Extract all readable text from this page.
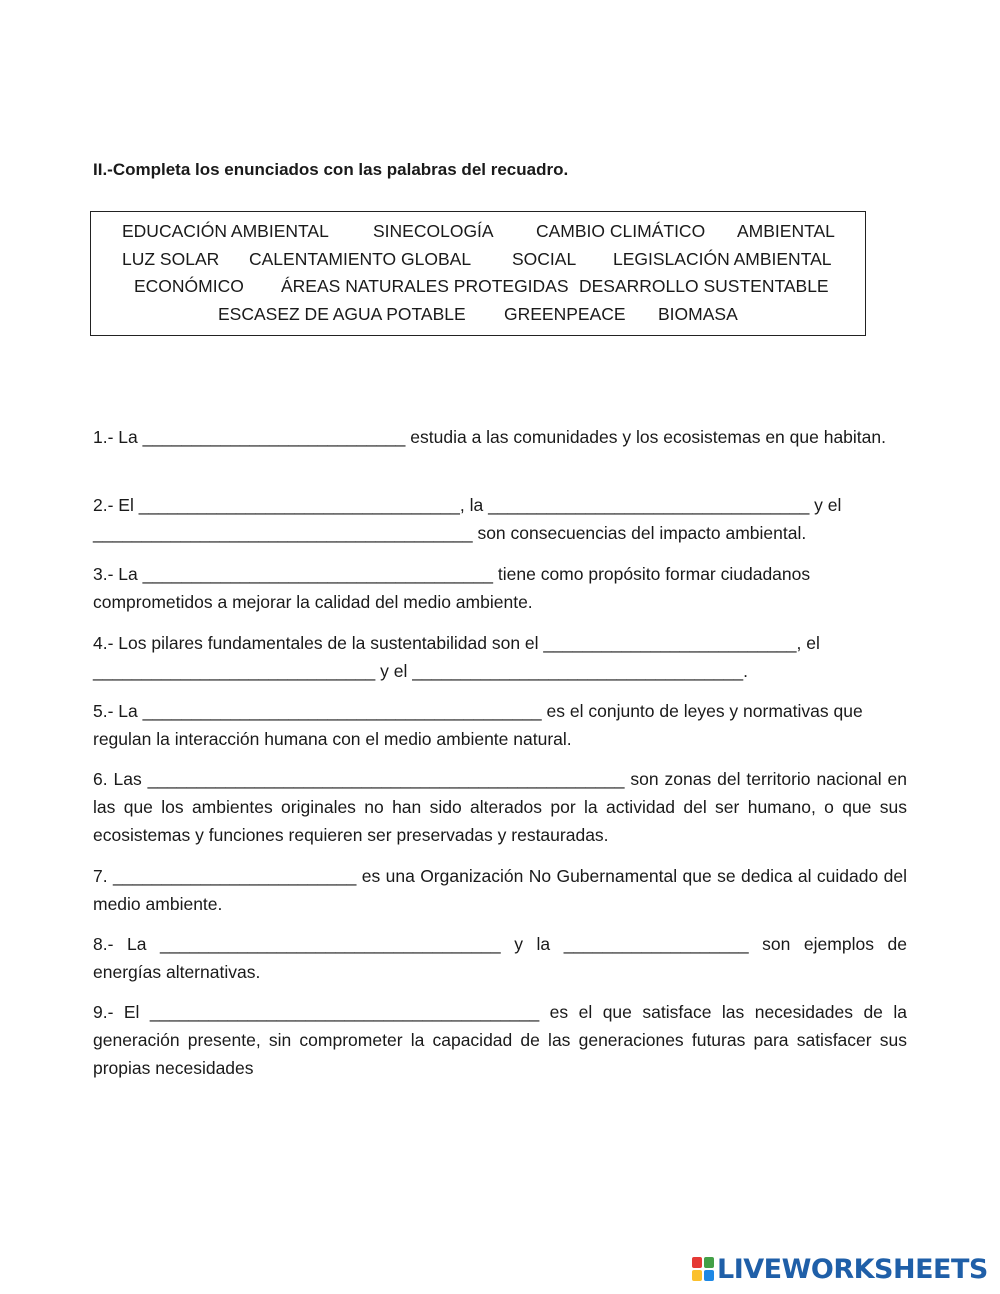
II.-Completa los enunciados con las palabras del recuadro.
EDUCACIÓN AMBIENTAL	SINECOLOGÍA CAMBIO CLIMÁTICO AMBIENTAL
LUZ SOLAR CALENTAMIENTO GLOBAL SOCIAL LEGISLACIÓN AMBIENTAL
ECONÓMICO ÁREAS NATURALES PROTEGIDAS DESARROLLO SUSTENTABLE
ESCASEZ DE AGUA POTABLE GREENPEACE BIOMASA

1.- La ___________________________ estudia a las comunidades y los ecosistemas en que habitan.

2.- El _________________________________, la _________________________________ y el
_______________________________________ son consecuencias del impacto ambiental.

3.- La ____________________________________ tiene como propósito formar ciudadanos comprometidos a mejorar la calidad del medio ambiente.

4.- Los pilares fundamentales de la sustentabilidad son el __________________________, el
_____________________________ y el __________________________________.

5.- La _________________________________________ es el conjunto de leyes y normativas que regulan la interacción humana con el medio ambiente natural.

6. Las _________________________________________________ son zonas del territorio nacional en las que los ambientes originales no han sido alterados por la actividad del ser humano, o que sus ecosistemas y funciones requieren ser preservadas y restauradas.

7. _________________________ es una Organización No Gubernamental que se dedica al cuidado del medio ambiente.

8.- La ___________________________________ y la ___________________ son ejemplos de energías alternativas.

9.- El ________________________________________ es el que satisface las necesidades de la generación presente, sin comprometer la capacidad de las generaciones futuras para satisfacer sus propias necesidades

LIVEWORKSHEETS
